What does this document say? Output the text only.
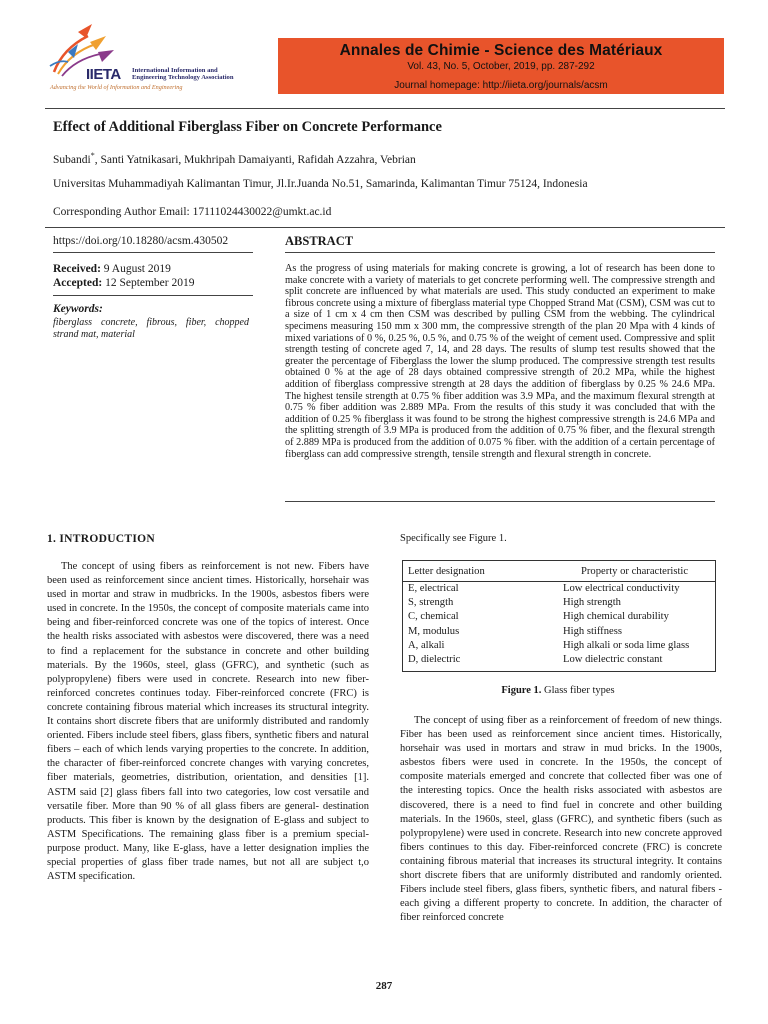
IIETA International Information and
Engineering Technology Association
Advancing the World of Information and Engineering
Annales de Chimie - Science des Matériaux
Vol. 43, No. 5, October, 2019, pp. 287-292
Journal homepage: http://iieta.org/journals/acsm
Effect of Additional Fiberglass Fiber on Concrete Performance
Subandi*, Santi Yatnikasari, Mukhripah Damaiyanti, Rafidah Azzahra, Vebrian
Universitas Muhammadiyah Kalimantan Timur, Jl.Ir.Juanda No.51, Samarinda, Kalimantan Timur 75124, Indonesia
Corresponding Author Email: 17111024430022@umkt.ac.id
https://doi.org/10.18280/acsm.430502	ABSTRACT
Received: 9 August 2019
Accepted: 12 September 2019
Keywords:
fiberglass concrete, fibrous, fiber, chopped strand mat, material
As the progress of using materials for making concrete is growing, a lot of research has been done to make concrete with a variety of materials to get concrete performing well. The compressive strength and split concrete are influenced by what materials are used. This study conducted an experiment to make fibrous concrete using a mixture of fiberglass material type Chopped Strand Mat (CSM), CSM was cut to a size of 1 cm x 4 cm then CSM was described by pulling CSM from the webbing. The cylindrical specimens measuring 150 mm x 300 mm, the compressive strength of the plan 20 Mpa with 4 kinds of mixed variations of 0 %, 0.25 %, 0.5 %, and 0.75 % of the weight of cement used. Compressive and split strength testing of concrete aged 7, 14, and 28 days. The results of slump test results showed that the greater the percentage of Fiberglass the lower the slump produced. The compressive strength test results obtained 0 % at the age of 28 days obtained compressive strength of 20.2 MPa, while the highest addition of fiberglass compressive strength at 28 days the addition of fiberglass by 0.25 % 24.6 MPa. The highest tensile strength at 0.75 % fiber addition was 3.9 MPa, and the maximum flexural strength at 0.75 % fiber addition was 2.889 MPa. From the results of this study it was concluded that with the addition of 0.25 % fiberglass it was found to be strong the highest compressive strength is 24.6 MPa and the splitting strength of 3.9 MPa is produced from the addition of 0.75 % fiber, and the flexural strength of 2.889 MPa is produced from the addition of 0.075 % fiber. with the addition of a certain percentage of fiberglass can add compressive strength, tensile strength and flexural strength in concrete.
1. INTRODUCTION
The concept of using fibers as reinforcement is not new. Fibers have been used as reinforcement since ancient times. Historically, horsehair was used in mortar and straw in mudbricks. In the 1900s, asbestos fibers were used in concrete. In the 1950s, the concept of composite materials came into being and fiber-reinforced concrete was one of the topics of interest. Once the health risks associated with asbestos were discovered, there was a need to find a replacement for the substance in concrete and other building materials. By the 1960s, steel, glass (GFRC), and synthetic (such as polypropylene) fibers were used in concrete. Research into new fiber-reinforced concretes continues today. Fiber-reinforced concrete (FRC) is concrete containing fibrous material which increases its structural integrity. It contains short discrete fibers that are uniformly distributed and randomly oriented. Fibers include steel fibers, glass fibers, synthetic fibers and natural fibers – each of which lends varying properties to the concrete. In addition, the character of fiber-reinforced concrete changes with varying concretes, fiber materials, geometries, distribution, orientation, and densities [1]. ASTM said [2] glass fibers fall into two categories, low cost versatile and versatile fiber. More than 90 % of all glass fibers are general- destination products. This fiber is known by the designation of E-glass and subject to ASTM Specifications. The remaining glass fiber is a premium special-purpose product. Many, like E-glass, have a letter designation implies the special properties of glass fiber trade names, but not all are subject t,o ASTM specification.
Specifically see Figure 1.
Letter designation	Property or characteristic
E, electrical	Low electrical conductivity
S, strength	High strength
C, chemical	High chemical durability
M, modulus	High stiffness
A, alkali	High alkali or soda lime glass
D, dielectric	Low dielectric constant
Figure 1. Glass fiber types
The concept of using fiber as a reinforcement of freedom of new things. Fiber has been used as reinforcement since ancient times. Historically, horsehair was used in mortars and straw in mud bricks. In the 1900s, asbestos fibers were used in concrete. In the 1950s, the concept of composite materials emerged and concrete that collected fiber was one of the interesting topics. Once the health risks associated with asbestos are discovered, there is a need to find fuel in concrete and other building materials. In the 1960s, steel, glass (GFRC), and synthetic fibers (such as polypropylene) were used in concrete. Research into new concrete approved fibers continues to this day. Fiber-reinforced concrete (FRC) is concrete containing fibrous material that increases its structural integrity. It contains short discrete fibers that are uniformly distributed and randomly oriented. Fibers include steel fibers, glass fibers, synthetic fibers, and natural fibers - each giving a different property to concrete. In addition, the character of fiber reinforced concrete
287
